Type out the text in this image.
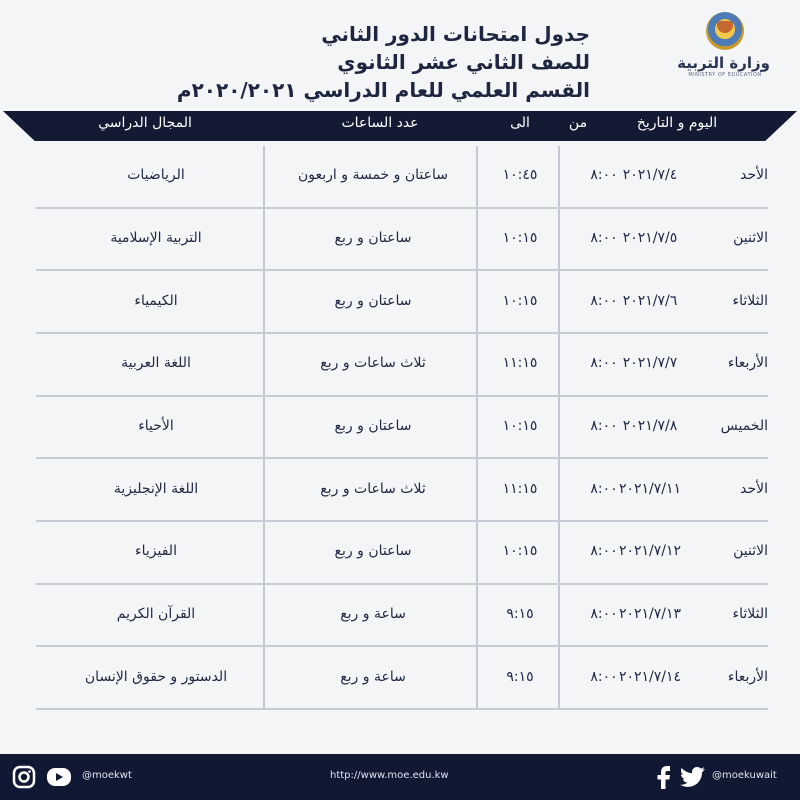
وزارة التربية
MINISTRY OF EDUCATION
جدول امتحانات الدور الثاني
للصف الثاني عشر الثانوي
القسم العلمي للعام الدراسي ٢٠٢٠/٢٠٢١م
اليوم و التاريخ
من
الى
عدد الساعات
المجال الدراسي
الأحد٢٠٢١/٧/٤
٨:٠٠
١٠:٤٥
ساعتان و خمسة و اربعون
الرياضيات
الاثنين٢٠٢١/٧/٥
٨:٠٠
١٠:١٥
ساعتان و ربع
التربية الإسلامية
الثلاثاء٢٠٢١/٧/٦
٨:٠٠
١٠:١٥
ساعتان و ربع
الكيمياء
الأربعاء٢٠٢١/٧/٧
٨:٠٠
١١:١٥
ثلاث ساعات و ربع
اللغة العربية
الخميس٢٠٢١/٧/٨
٨:٠٠
١٠:١٥
ساعتان و ربع
الأحياء
الأحد٢٠٢١/٧/١١
٨:٠٠
١١:١٥
ثلاث ساعات و ربع
اللغة الإنجليزية
الاثنين٢٠٢١/٧/١٢
٨:٠٠
١٠:١٥
ساعتان و ربع
الفيزياء
الثلاثاء٢٠٢١/٧/١٣
٨:٠٠
٩:١٥
ساعة و ربع
القرآن الكريم
الأربعاء٢٠٢١/٧/١٤
٨:٠٠
٩:١٥
ساعة و ربع
الدستور و حقوق الإنسان
@moekwt	http://www.moe.edu.kw	@moekuwait
